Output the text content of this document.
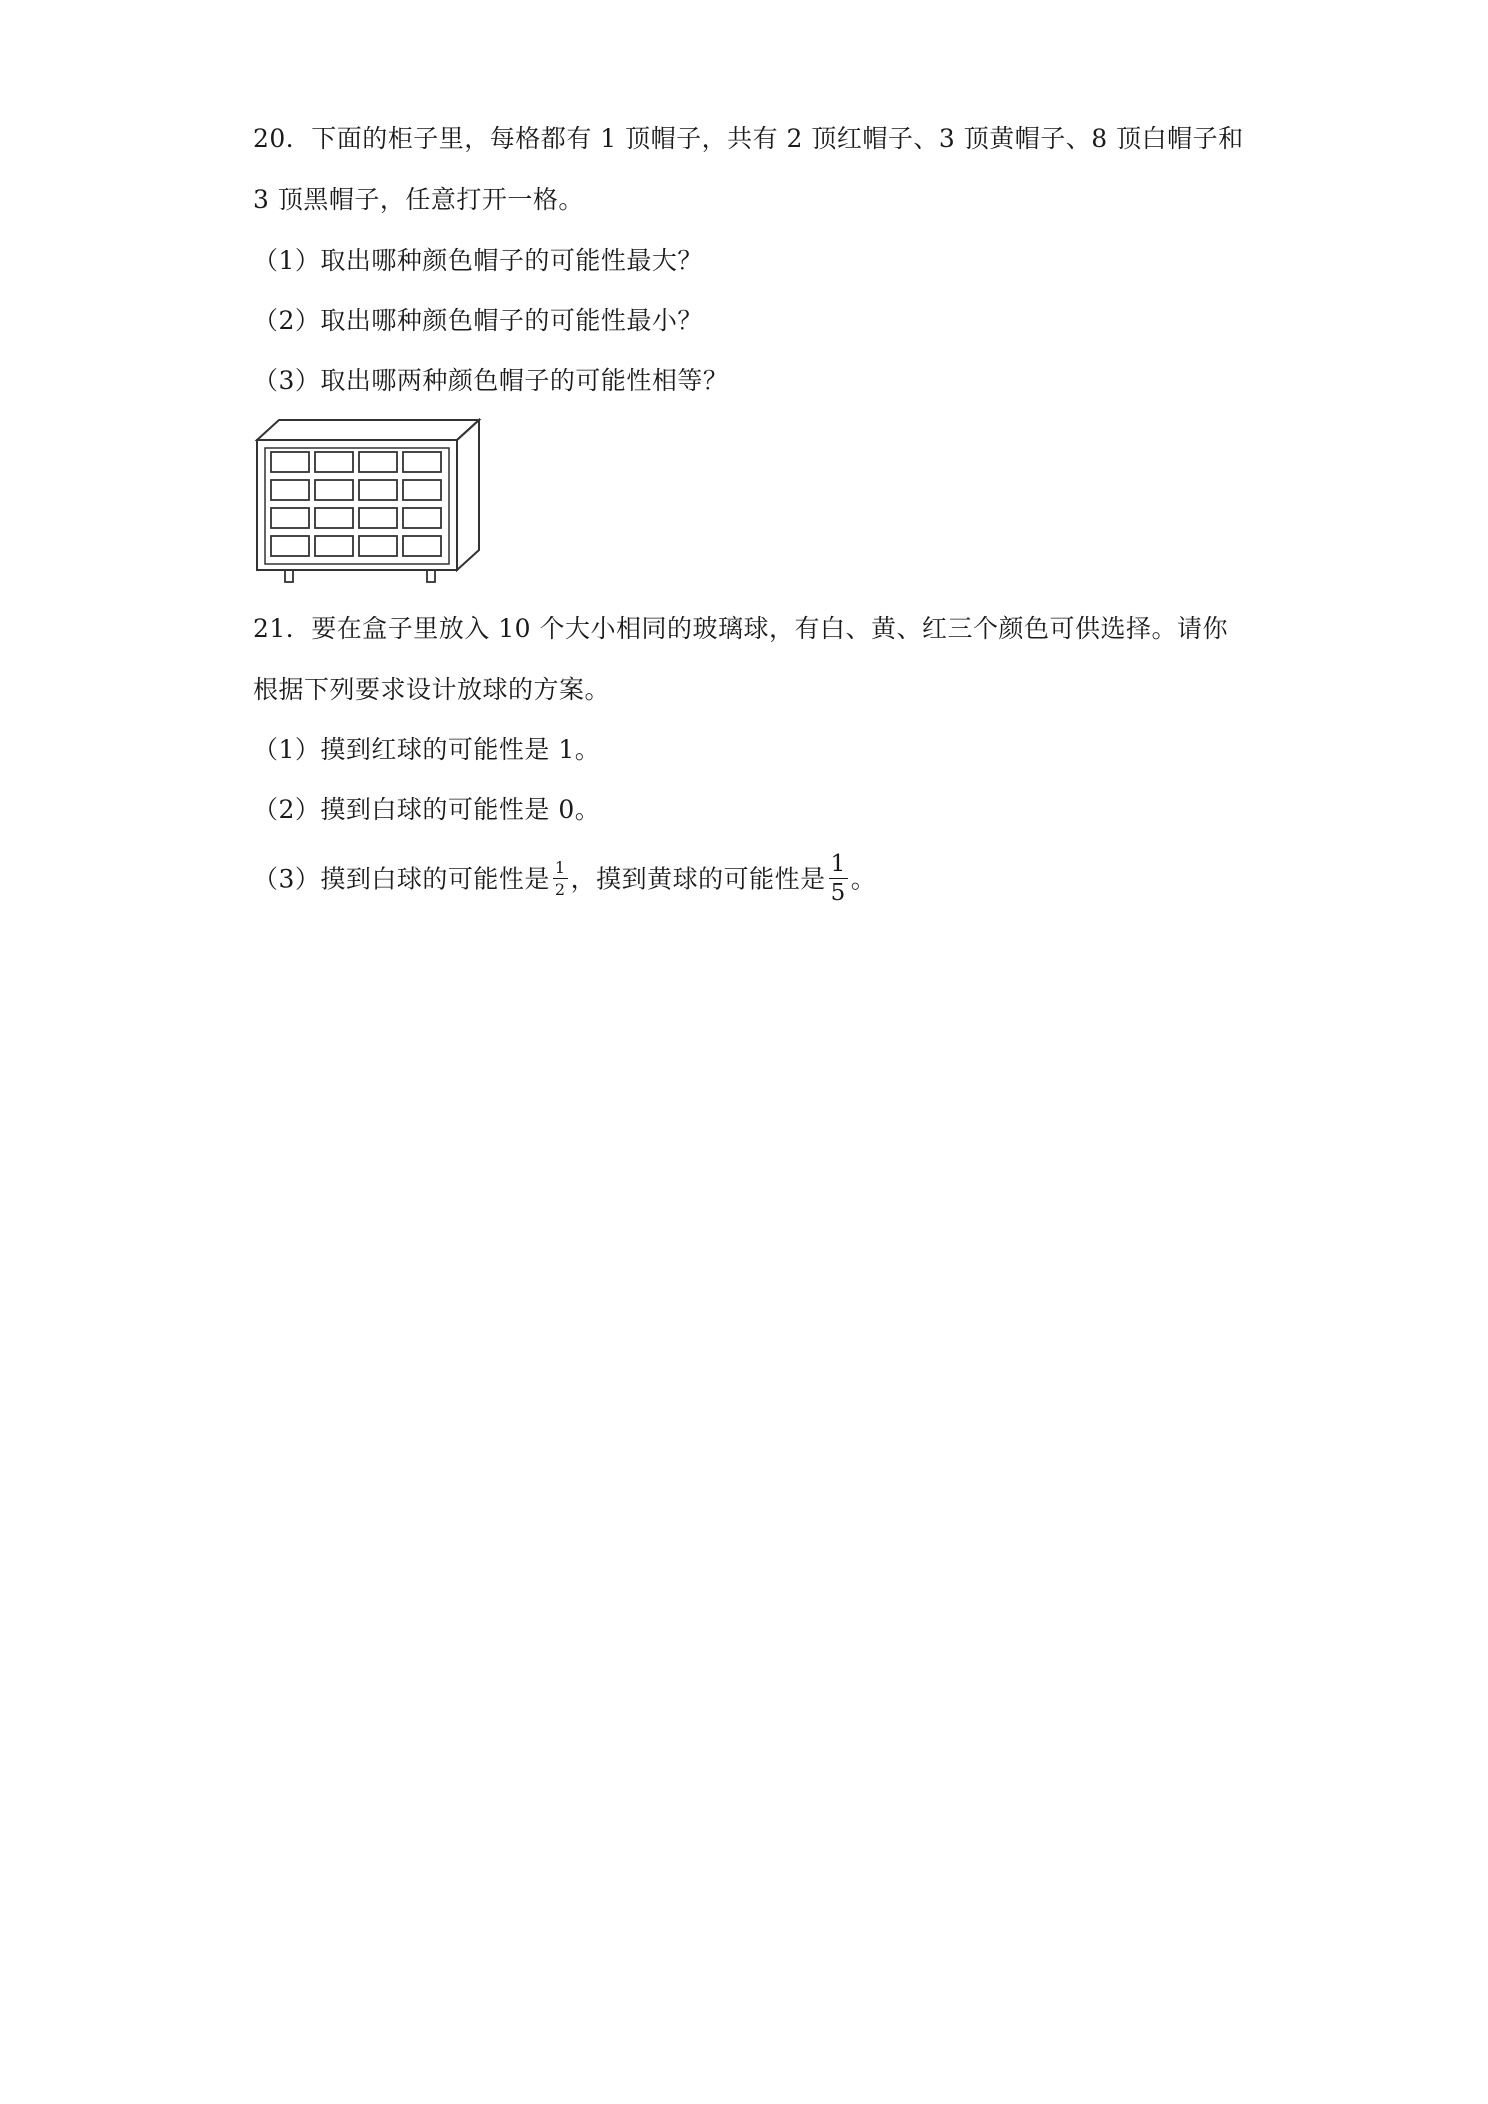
20．下面的柜子里，每格都有 1 顶帽子，共有 2 顶红帽子、3 顶黄帽子、8 顶白帽子和
3 顶黑帽子，任意打开一格。
（1）取出哪种颜色帽子的可能性最大？
（2）取出哪种颜色帽子的可能性最小？
（3）取出哪两种颜色帽子的可能性相等？
21．要在盒子里放入 10 个大小相同的玻璃球，有白、黄、红三个颜色可供选择。请你
根据下列要求设计放球的方案。
（1）摸到红球的可能性是 1。
（2）摸到白球的可能性是 0。
（3）摸到白球的可能性是 $\frac{1}{2}$ ，摸到黄球的可能性是 $\frac{1}{5}$ 。
